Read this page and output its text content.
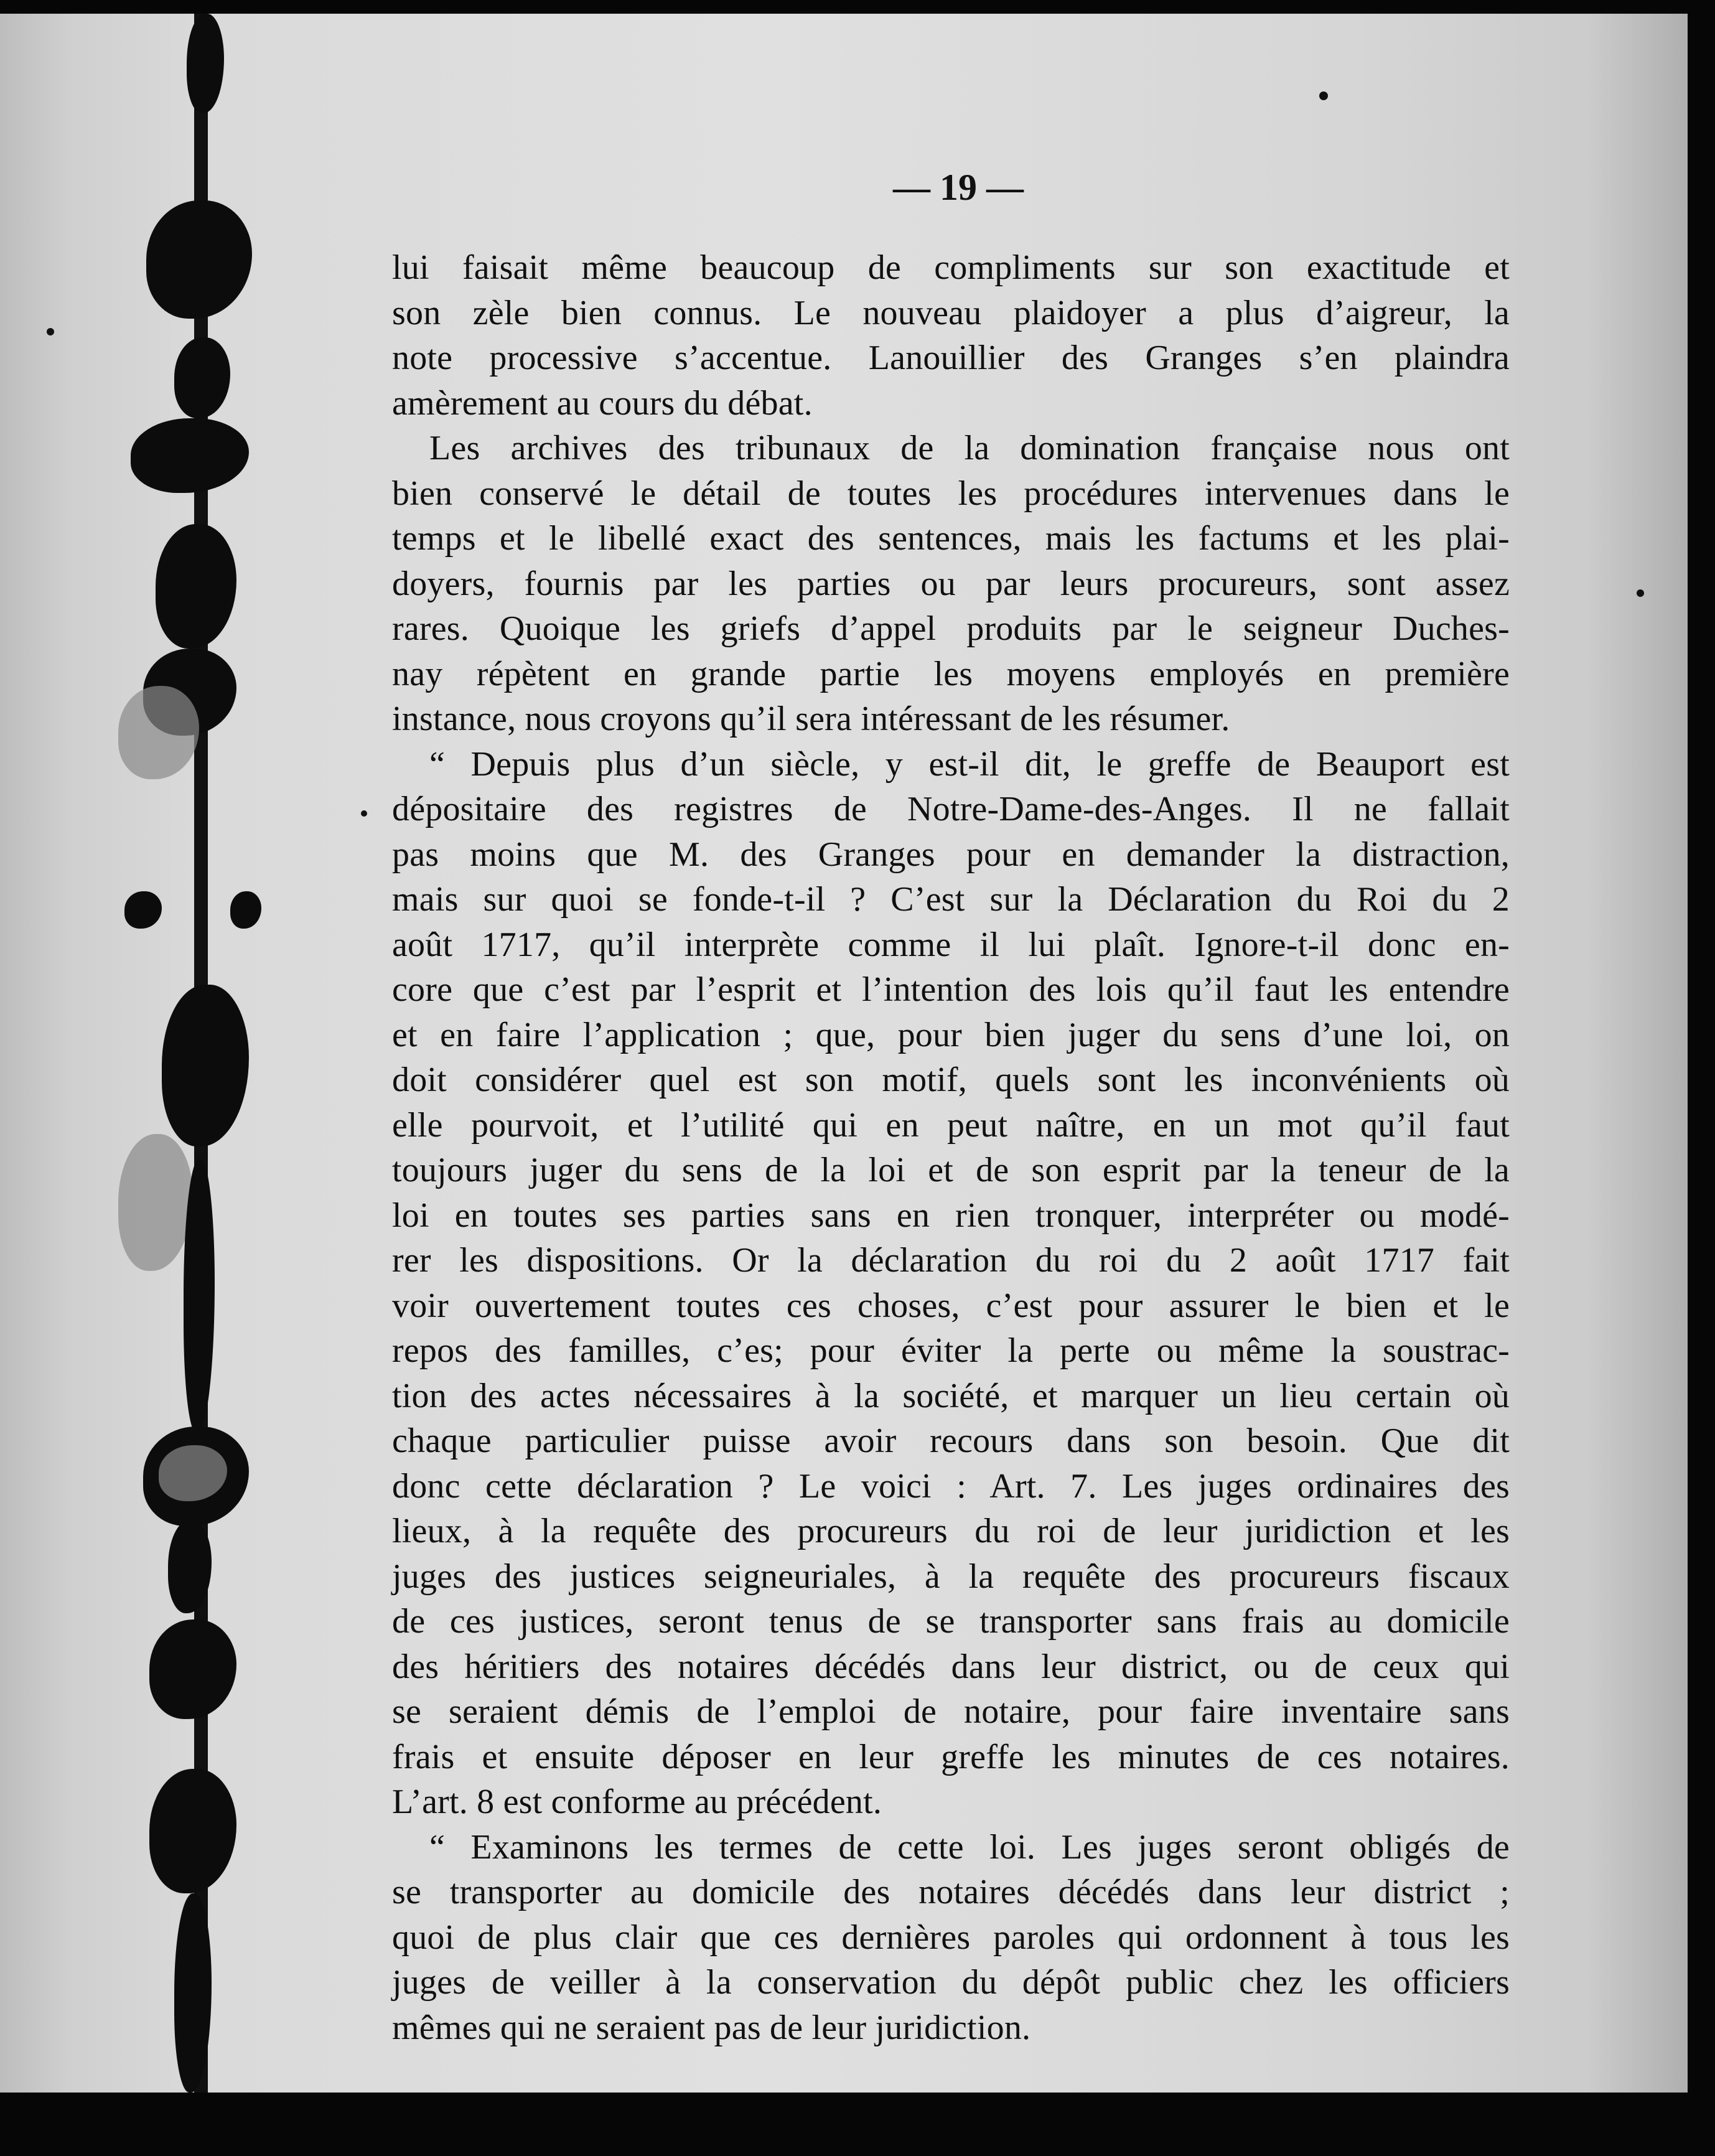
— 19 —
lui faisait même beaucoup de compliments sur son exactitude et
son zèle bien connus. Le nouveau plaidoyer a plus d’aigreur, la
note processive s’accentue. Lanouillier des Granges s’en plaindra
amèrement au cours du débat.
Les archives des tribunaux de la domination française nous ont
bien conservé le détail de toutes les procédures intervenues dans le
temps et le libellé exact des sentences, mais les factums et les plai-
doyers, fournis par les parties ou par leurs procureurs, sont assez
rares. Quoique les griefs d’appel produits par le seigneur Duches-
nay répètent en grande partie les moyens employés en première
instance, nous croyons qu’il sera intéressant de les résumer.
“ Depuis plus d’un siècle, y est-il dit, le greffe de Beauport est
dépositaire des registres de Notre-Dame-des-Anges. Il ne fallait
pas moins que M. des Granges pour en demander la distraction,
mais sur quoi se fonde-t-il ? C’est sur la Déclaration du Roi du 2
août 1717, qu’il interprète comme il lui plaît. Ignore-t-il donc en-
core que c’est par l’esprit et l’intention des lois qu’il faut les entendre
et en faire l’application ; que, pour bien juger du sens d’une loi, on
doit considérer quel est son motif, quels sont les inconvénients où
elle pourvoit, et l’utilité qui en peut naître, en un mot qu’il faut
toujours juger du sens de la loi et de son esprit par la teneur de la
loi en toutes ses parties sans en rien tronquer, interpréter ou modé-
rer les dispositions. Or la déclaration du roi du 2 août 1717 fait
voir ouvertement toutes ces choses, c’est pour assurer le bien et le
repos des familles, c’es; pour éviter la perte ou même la soustrac-
tion des actes nécessaires à la société, et marquer un lieu certain où
chaque particulier puisse avoir recours dans son besoin. Que dit
donc cette déclaration ? Le voici : Art. 7. Les juges ordinaires des
lieux, à la requête des procureurs du roi de leur juridiction et les
juges des justices seigneuriales, à la requête des procureurs fiscaux
de ces justices, seront tenus de se transporter sans frais au domicile
des héritiers des notaires décédés dans leur district, ou de ceux qui
se seraient démis de l’emploi de notaire, pour faire inventaire sans
frais et ensuite déposer en leur greffe les minutes de ces notaires.
L’art. 8 est conforme au précédent.
“ Examinons les termes de cette loi. Les juges seront obligés de
se transporter au domicile des notaires décédés dans leur district ;
quoi de plus clair que ces dernières paroles qui ordonnent à tous les
juges de veiller à la conservation du dépôt public chez les officiers
mêmes qui ne seraient pas de leur juridiction.
